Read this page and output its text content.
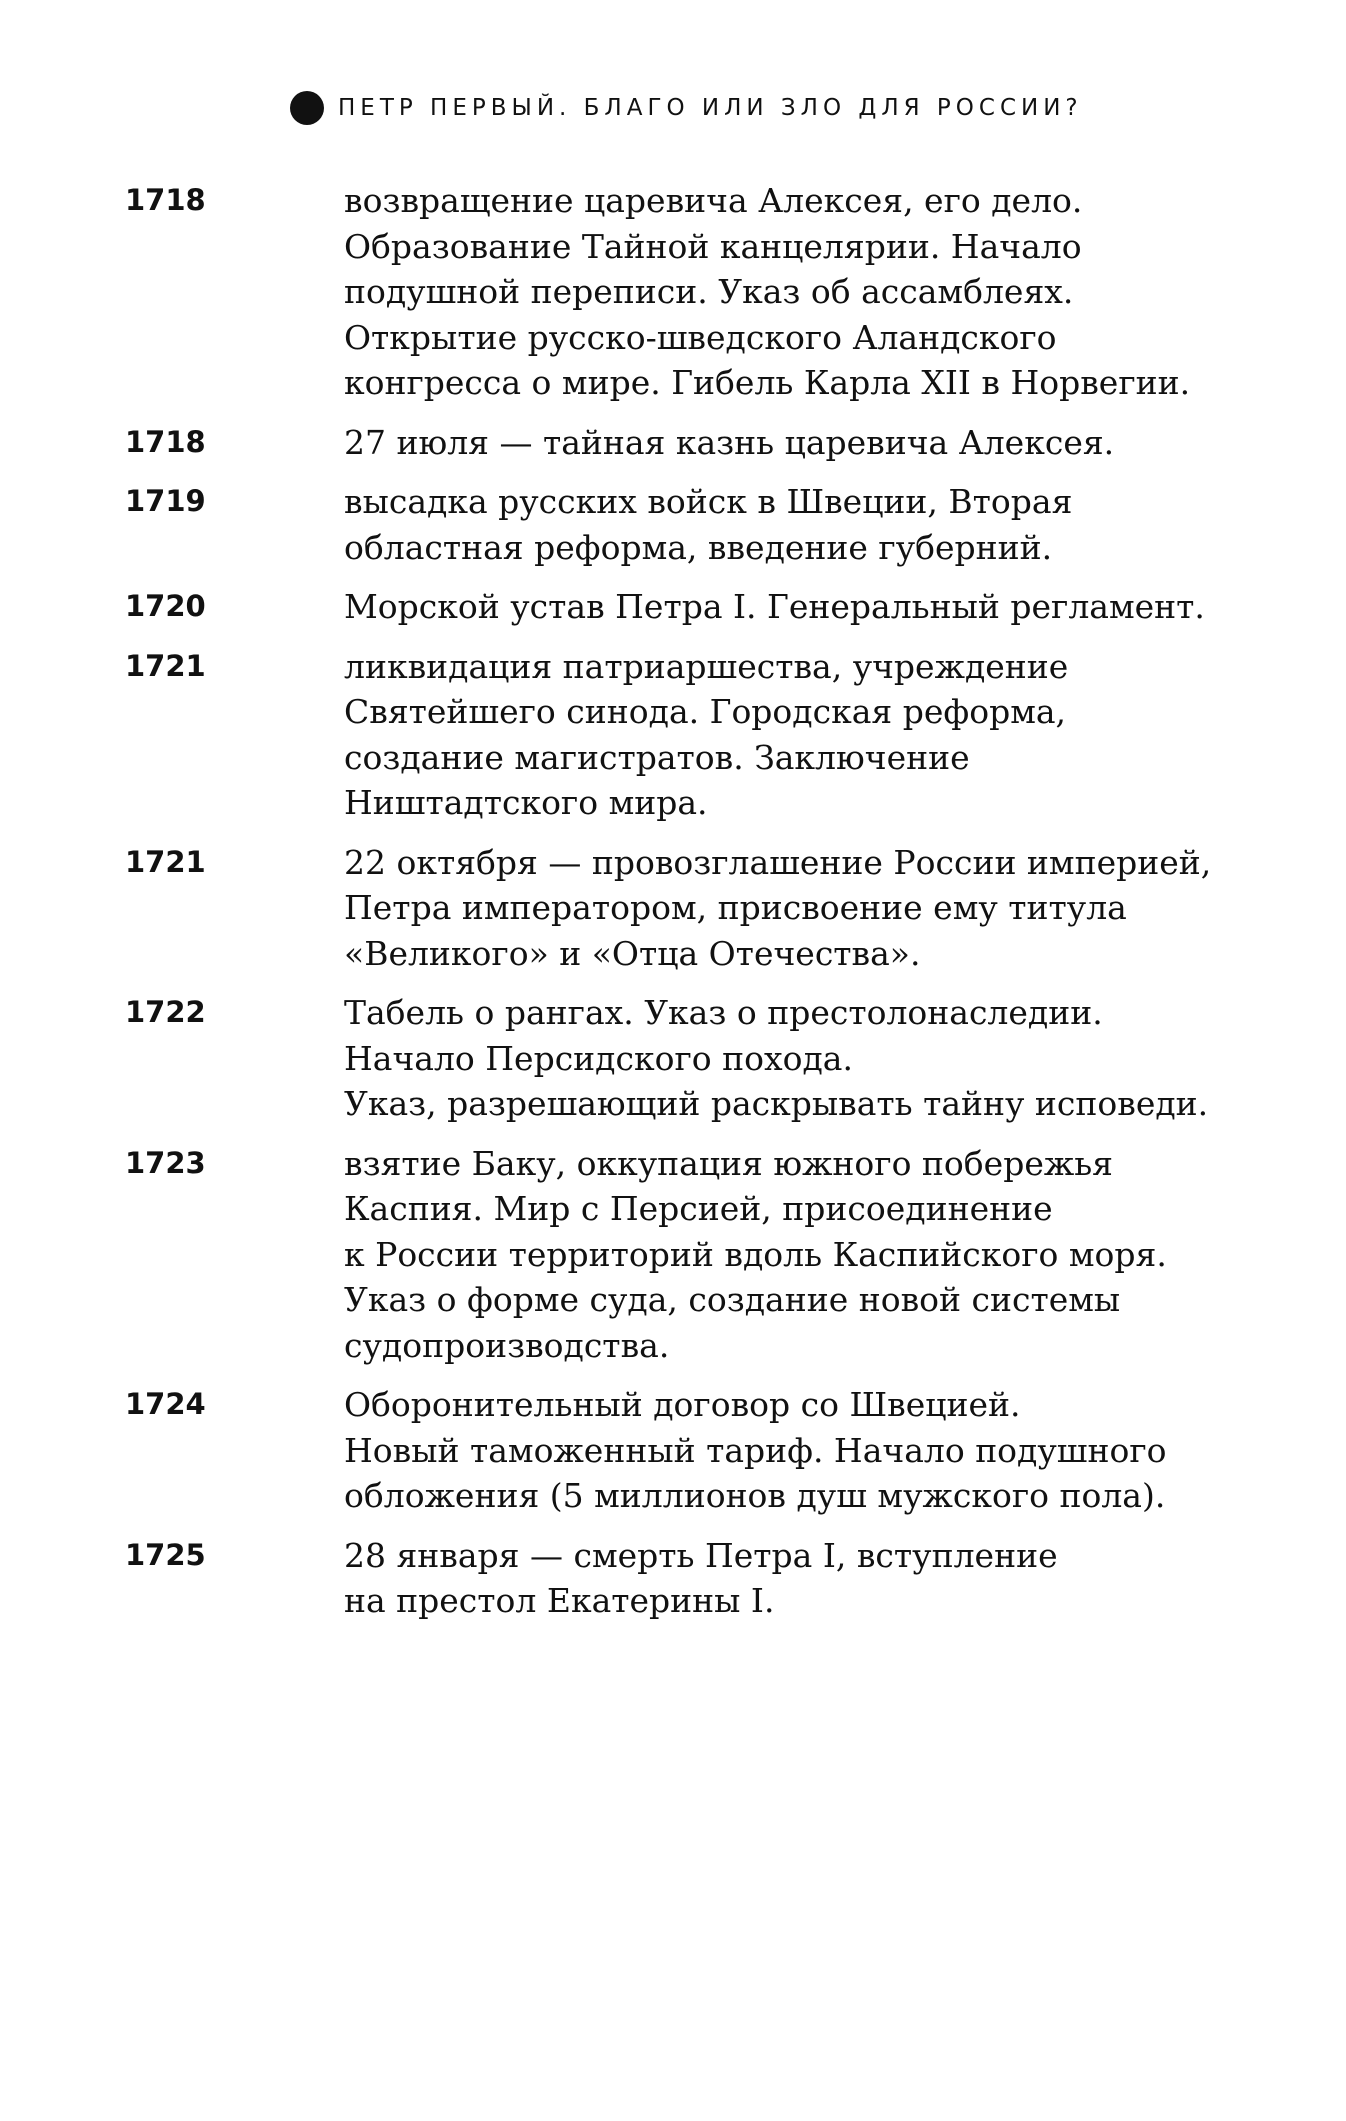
ПЕТР ПЕРВЫЙ. БЛАГО ИЛИ ЗЛО ДЛЯ РОССИИ?
1718	возвращение царевича Алексея, его дело.
Образование Тайной канцелярии. Начало
подушной переписи. Указ об ассамблеях.
Открытие русско-шведского Аландского
конгресса о мире. Гибель Карла XII в Норвегии.
1718	27 июля — тайная казнь царевича Алексея.
1719	высадка русских войск в Швеции, Вторая
областная реформа, введение губерний.
1720	Морской устав Петра I. Генеральный регламент.
1721	ликвидация патриаршества, учреждение
Святейшего синода. Городская реформа,
создание магистратов. Заключение
Ништадтского мира.
1721	22 октября — провозглашение России империей,
Петра императором, присвоение ему титула
«Великого» и «Отца Отечества».
1722	Табель о рангах. Указ о престолонаследии.
Начало Персидского похода.
Указ, разрешающий раскрывать тайну исповеди.
1723	взятие Баку, оккупация южного побережья
Каспия. Мир с Персией, присоединение
к России территорий вдоль Каспийского моря.
Указ о форме суда, создание новой системы
судопроизводства.
1724	Оборонительный договор со Швецией.
Новый таможенный тариф. Начало подушного
обложения (5 миллионов душ мужского пола).
1725	28 января — смерть Петра I, вступление
на престол Екатерины I.
